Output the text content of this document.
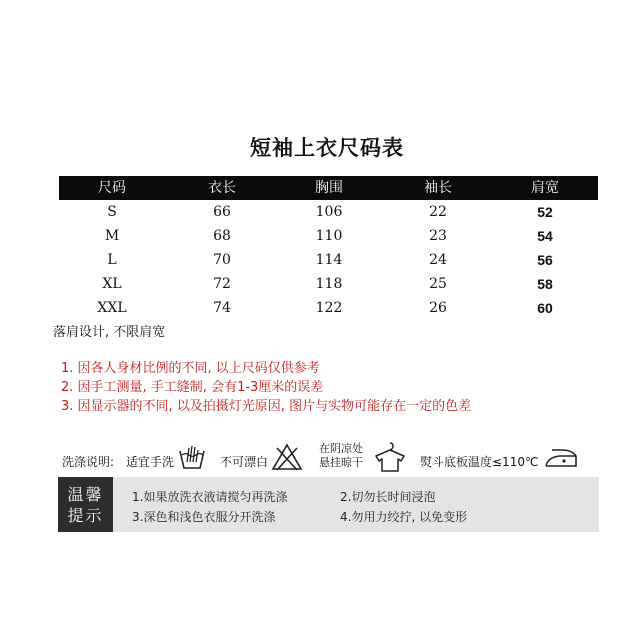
短袖上衣尺码表
尺码	衣长	胸围	袖长	肩宽
S	66	106	22	52
M	68	110	23	54
L	70	114	24	56
XL	72	118	25	58
XXL	74	122	26	60
落肩设计, 不限肩宽
1. 因各人身材比例的不同, 以上尺码仅供参考
2. 因手工测量, 手工缝制, 会有1-3厘米的误差
3. 因显示器的不同, 以及拍摄灯光原因, 图片与实物可能存在一定的色差
洗涤说明: 适宜手洗	不可漂白
在阴凉处
悬挂晾干	熨斗底板温度≤110℃
温馨
提示
1.如果放洗衣液请搅匀再洗涤	2.切勿长时间浸泡
3.深色和浅色衣服分开洗涤	4.勿用力绞拧, 以免变形
